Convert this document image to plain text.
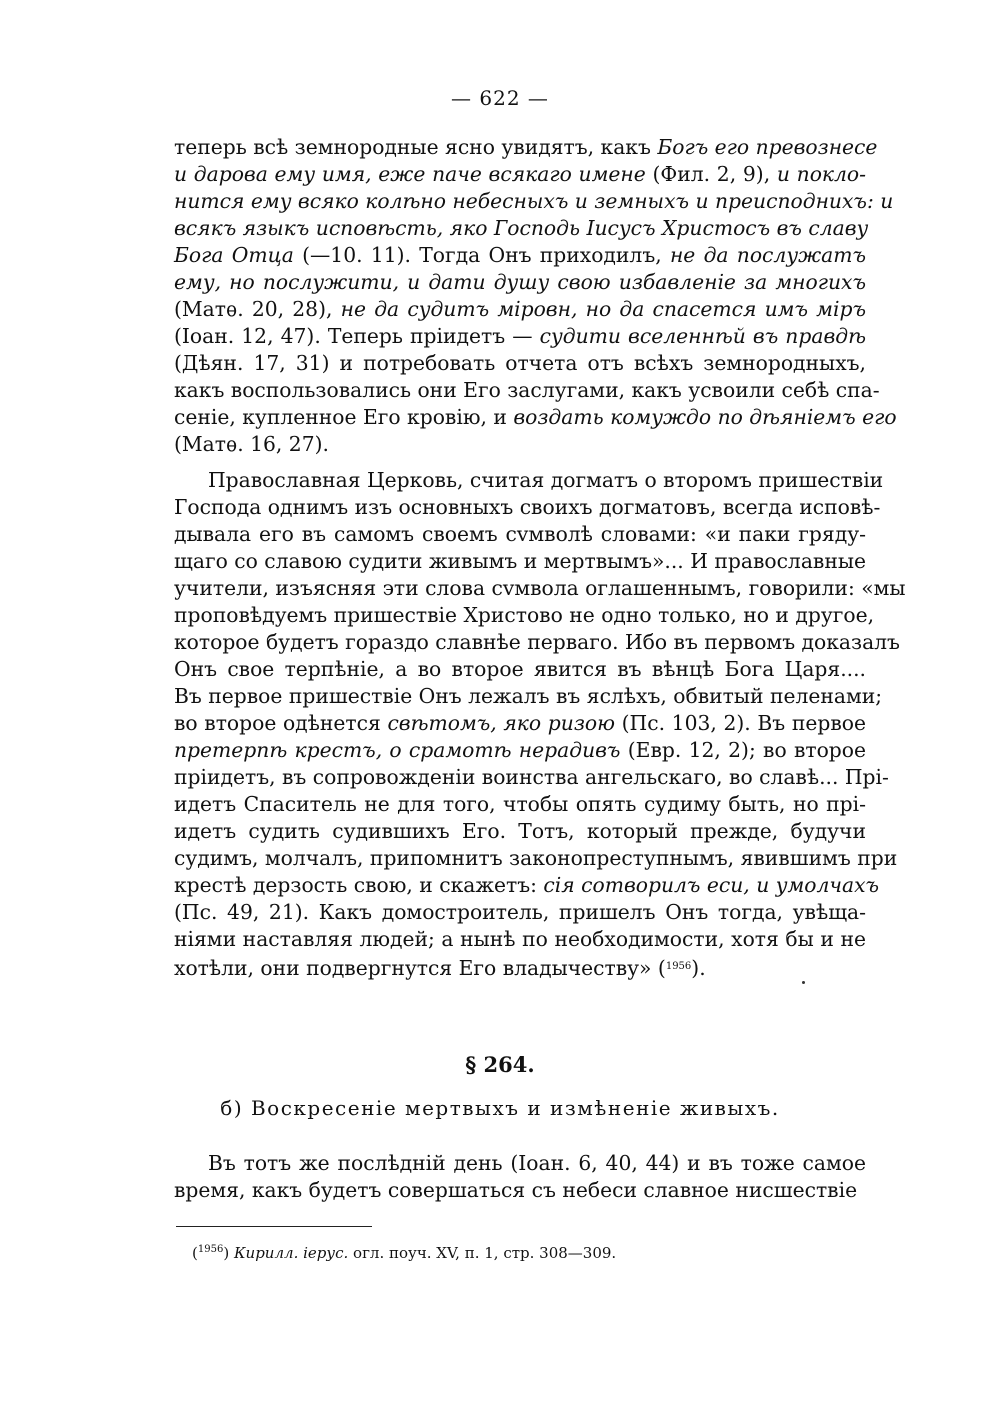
— 622 —
теперь всѣ земнородные ясно увидятъ, какъ Богъ его превознесе
и дарова ему имя, еже паче всякаго имене (Фил. 2, 9), и покло-
нится ему всяко колѣно небесныхъ и земныхъ и преисподнихъ: и
всякъ языкъ исповѣсть, яко Господь Іисусъ Христосъ въ славу
Бога Отца (—10. 11). Тогда Онъ приходилъ, не да послужатъ
ему, но послужити, и дати душу свою избавленіе за многихъ
(Матѳ. 20, 28), не да судитъ міровн, но да спасется имъ міръ
(Іоан. 12, 47). Теперь пріидетъ — судити вселеннѣй въ правдѣ
(Дѣян. 17, 31) и потребовать отчета отъ всѣхъ земнородныхъ,
какъ воспользовались они Его заслугами, какъ усвоили себѣ спа-
сеніе, купленное Его кровію, и воздать комуждо по дѣяніемъ его
(Матѳ. 16, 27).
Православная Церковь, считая догматъ о второмъ пришествіи
Господа однимъ изъ основныхъ своихъ догматовъ, всегда исповѣ-
дывала его въ самомъ своемъ сvмволѣ словами: «и паки гряду-
щаго со славою судити живымъ и мертвымъ»... И православные
учители, изъясняя эти слова сvмвола оглашеннымъ, говорили: «мы
проповѣдуемъ пришествіе Христово не одно только, но и другое,
которое будетъ гораздо славнѣе перваго. Ибо въ первомъ доказалъ
Онъ свое терпѣніе, а во второе явится въ вѣнцѣ Бога Царя....
Въ первое пришествіе Онъ лежалъ въ яслѣхъ, обвитый пеленами;
во второе одѣнется свѣтомъ, яко ризою (Пс. 103, 2). Въ первое
претерпѣ крестъ, о срамотѣ нерадивъ (Евр. 12, 2); во второе
пріидетъ, въ сопровожденіи воинства ангельскаго, во славѣ... Прі-
идетъ Спаситель не для того, чтобы опять судиму быть, но прі-
идетъ судить судившихъ Его. Тотъ, который прежде, будучи
судимъ, молчалъ, припомнитъ законопреступнымъ, явившимъ при
крестѣ дерзость свою, и скажетъ: сія сотворилъ еси, и умолчахъ
(Пс. 49, 21). Какъ домостроитель, пришелъ Онъ тогда, увѣща-
ніями наставляя людей; а нынѣ по необходимости, хотя бы и не
хотѣли, они подвергнутся Его владычеству» ($^{1956}$).
§ 264.
б) Воскресеніе мертвыхъ и измѣненіе живыхъ.
Въ тотъ же послѣдній день (Іоан. 6, 40, 44) и въ тоже самое
время, какъ будетъ совершаться съ небеси славное нисшествіе
($^{1956}$) Кирилл. іерус. огл. поуч. XV, п. 1, стр. 308—309.
